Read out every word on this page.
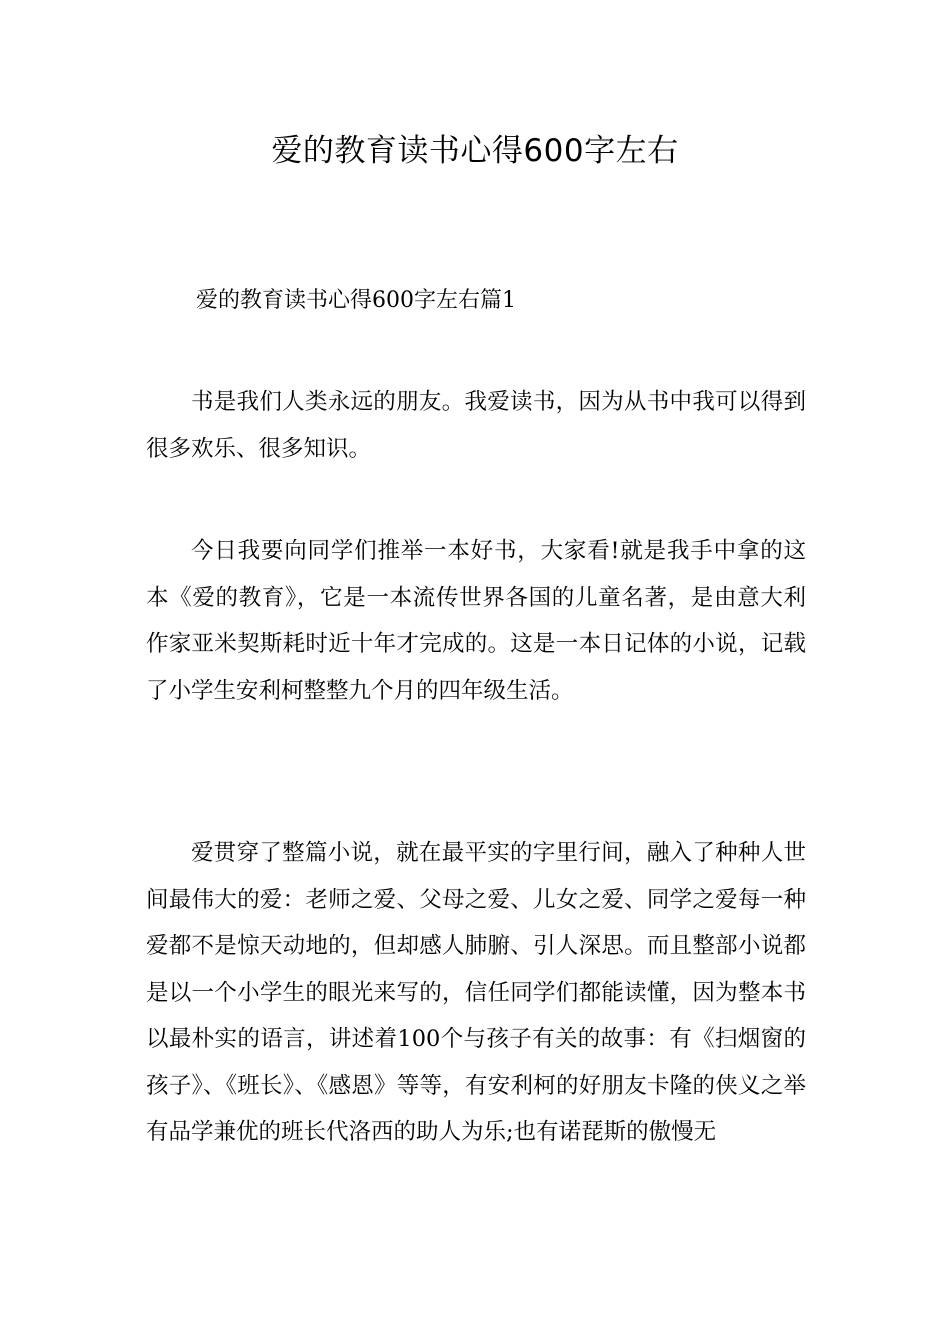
爱的教育读书心得600字左右

爱的教育读书心得600字左右篇1

书是我们人类永远的朋友。我爱读书，因为从书中我可以得到很多欢乐、很多知识。

今日我要向同学们推举一本好书，大家看!就是我手中拿的这本《爱的教育》，它是一本流传世界各国的儿童名著，是由意大利作家亚米契斯耗时近十年才完成的。这是一本日记体的小说，记载了小学生安利柯整整九个月的四年级生活。

爱贯穿了整篇小说，就在最平实的字里行间，融入了种种人世间最伟大的爱：老师之爱、父母之爱、儿女之爱、同学之爱每一种爱都不是惊天动地的，但却感人肺腑、引人深思。而且整部小说都是以一个小学生的眼光来写的，信任同学们都能读懂，因为整本书以最朴实的语言，讲述着100个与孩子有关的故事：有《扫烟窗的孩子》、《班长》、《感恩》等等，有安利柯的好朋友卡隆的侠义之举有品学兼优的班长代洛西的助人为乐;也有诺琵斯的傲慢无
